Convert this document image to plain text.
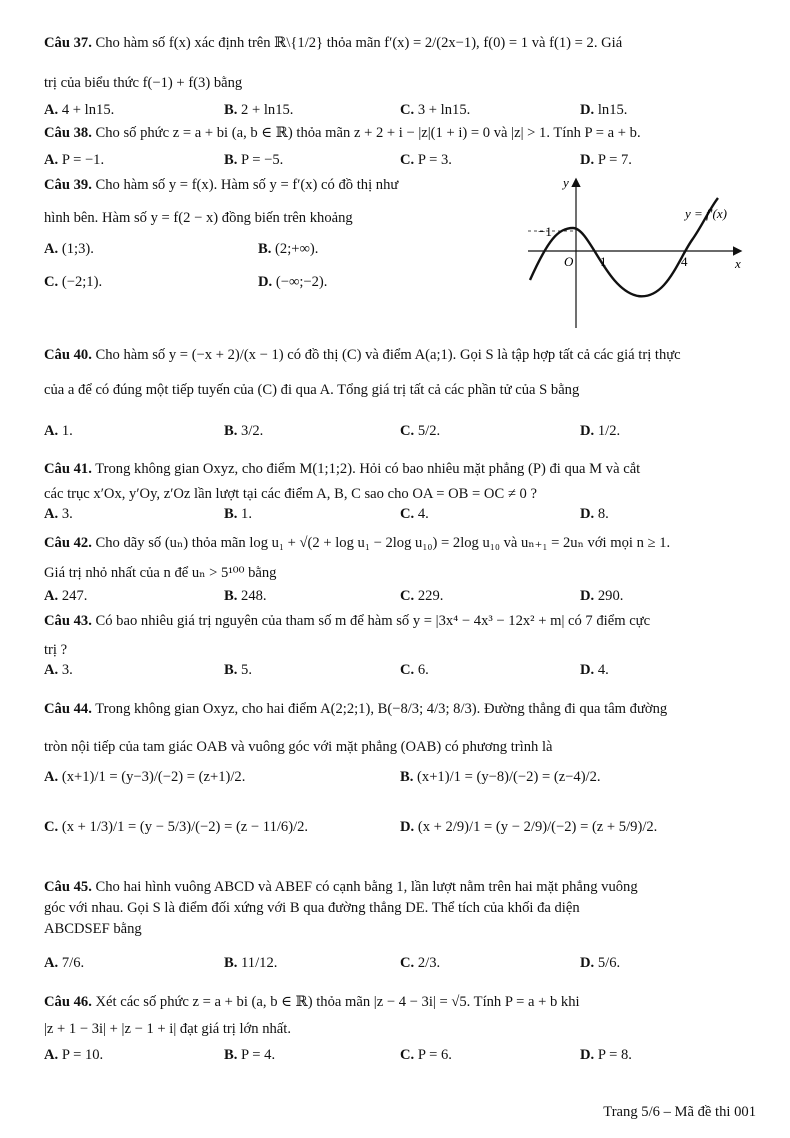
Câu 37. Cho hàm số f(x) xác định trên ℝ\{1/2} thỏa mãn f′(x) = 2/(2x−1), f(0) = 1 và f(1) = 2. Giá
trị của biểu thức f(−1) + f(3) bằng
A. 4 + ln15.	B. 2 + ln15.	C. 3 + ln15.	D. ln15.
Câu 38. Cho số phức z = a + bi (a, b ∈ ℝ) thỏa mãn z + 2 + i − |z|(1 + i) = 0 và |z| > 1. Tính P = a + b.
A. P = −1.	B. P = −5.	C. P = 3.	D. P = 7.
Câu 39. Cho hàm số y = f(x). Hàm số y = f′(x) có đồ thị như
hình bên. Hàm số y = f(2 − x) đồng biến trên khoảng
A. (1;3).	B. (2;+∞).
C. (−2;1).	D. (−∞;−2).
y
x
O
−1
1	4
y = f′(x)
Câu 40. Cho hàm số y = (−x + 2)/(x − 1) có đồ thị (C) và điểm A(a;1). Gọi S là tập hợp tất cả các giá trị thực
của a để có đúng một tiếp tuyến của (C) đi qua A. Tổng giá trị tất cả các phần tử của S bằng
A. 1.	B. 3/2.	C. 5/2.	D. 1/2.
Câu 41. Trong không gian Oxyz, cho điểm M(1;1;2). Hỏi có bao nhiêu mặt phẳng (P) đi qua M và cắt
các trục x′Ox, y′Oy, z′Oz lần lượt tại các điểm A, B, C sao cho OA = OB = OC ≠ 0 ?
A. 3.	B. 1.	C. 4.	D. 8.
Câu 42. Cho dãy số (uₙ) thỏa mãn log u₁ + √(2 + log u₁ − 2log u₁₀) = 2log u₁₀ và uₙ₊₁ = 2uₙ với mọi n ≥ 1.
Giá trị nhỏ nhất của n để uₙ > 5¹⁰⁰ bằng
A. 247.	B. 248.	C. 229.	D. 290.
Câu 43. Có bao nhiêu giá trị nguyên của tham số m để hàm số y = |3x⁴ − 4x³ − 12x² + m| có 7 điểm cực
trị ?
A. 3.	B. 5.	C. 6.	D. 4.
Câu 44. Trong không gian Oxyz, cho hai điểm A(2;2;1), B(−8/3; 4/3; 8/3). Đường thẳng đi qua tâm đường
tròn nội tiếp của tam giác OAB và vuông góc với mặt phẳng (OAB) có phương trình là
A. (x+1)/1 = (y−3)/(−2) = (z+1)/2.	B. (x+1)/1 = (y−8)/(−2) = (z−4)/2.
C. (x + 1/3)/1 = (y − 5/3)/(−2) = (z − 11/6)/2.	D. (x + 2/9)/1 = (y − 2/9)/(−2) = (z + 5/9)/2.
Câu 45. Cho hai hình vuông ABCD và ABEF có cạnh bằng 1, lần lượt nằm trên hai mặt phẳng vuông
góc với nhau. Gọi S là điểm đối xứng với B qua đường thẳng DE. Thể tích của khối đa diện
ABCDSEF bằng
A. 7/6.	B. 11/12.	C. 2/3.	D. 5/6.
Câu 46. Xét các số phức z = a + bi (a, b ∈ ℝ) thỏa mãn |z − 4 − 3i| = √5. Tính P = a + b khi
|z + 1 − 3i| + |z − 1 + i| đạt giá trị lớn nhất.
A. P = 10.	B. P = 4.	C. P = 6.	D. P = 8.
Trang 5/6 – Mã đề thi 001
